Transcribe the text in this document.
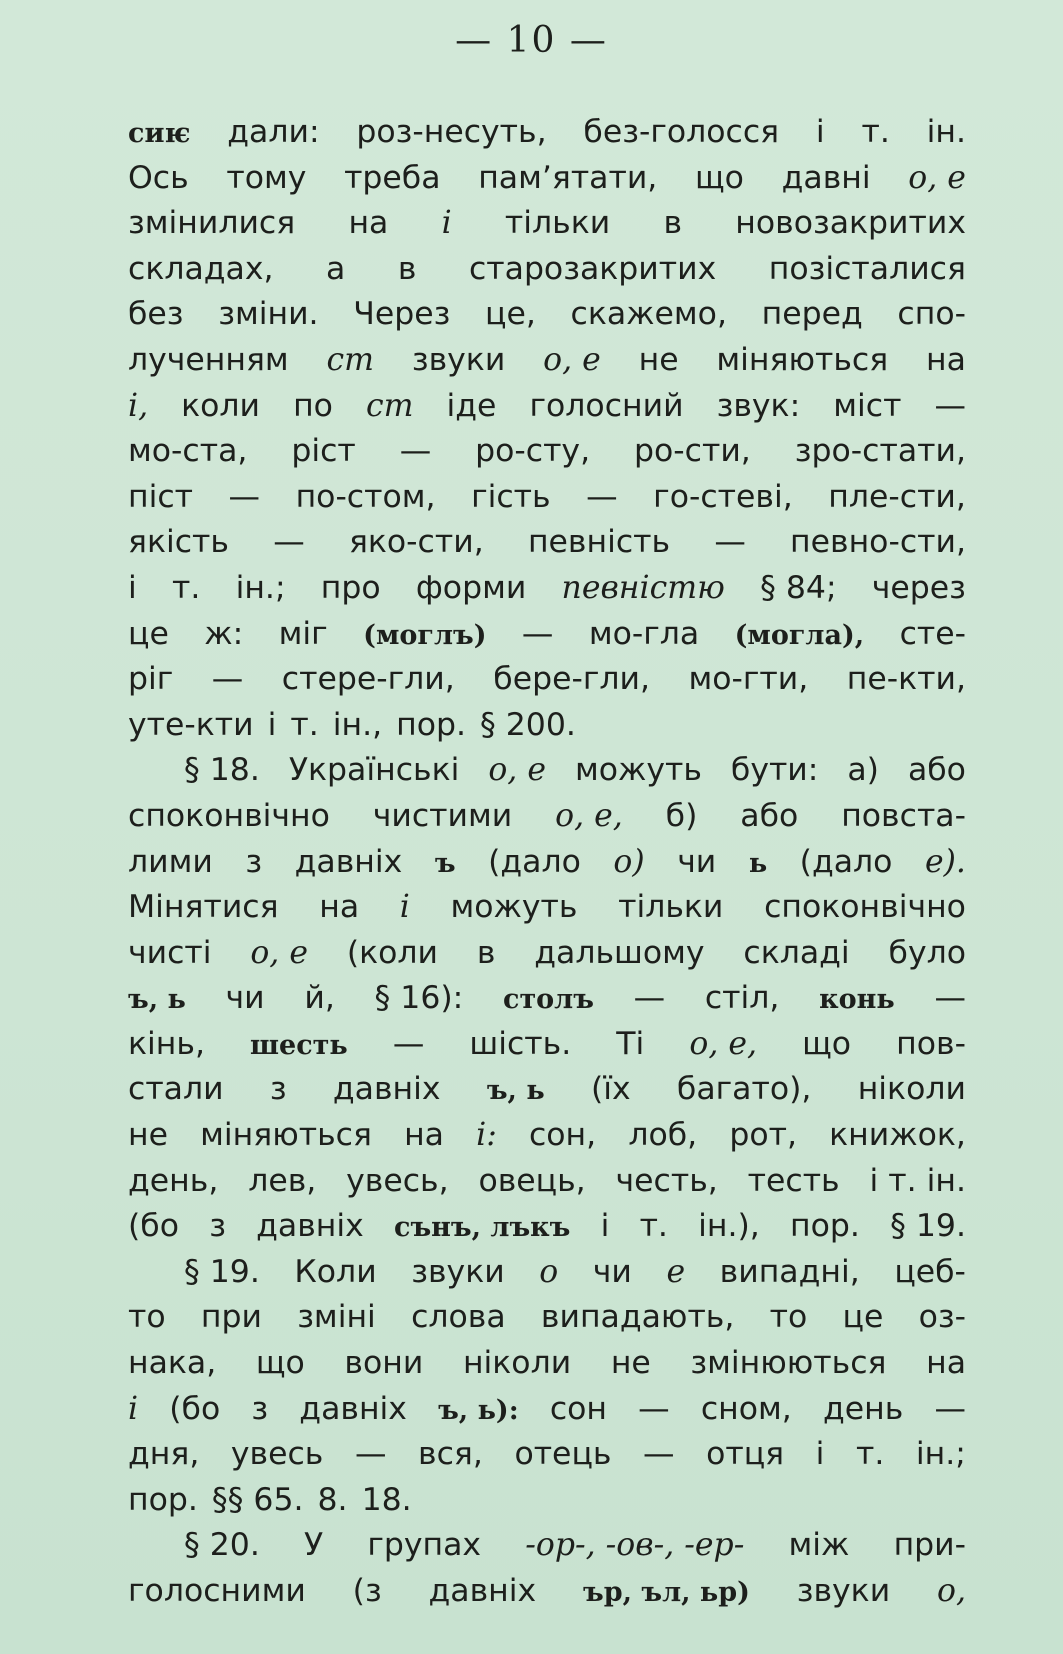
— 10 —
сиѥ дали: роз-несуть, без-голосся і т. ін.
Ось тому треба пам’ятати, що давні о, е
змінилися на і тільки в новозакритих
складах, а в старозакритих позісталися
без зміни. Через це, скажемо, перед спо-
лученням ст звуки о, е не міняються на
і, коли по ст іде голосний звук: міст —
мо-ста, ріст — ро-сту, ро-сти, зро-стати,
піст — по-стом, гість — го-стеві, пле-сти,
якість — яко-сти, певність — певно-сти,
і т. ін.; про форми певністю § 84; через
це ж: міг (моглъ) — мо-гла (могла), сте-
ріг — стере-гли, бере-гли, мо-гти, пе-кти,
уте-кти і т. ін., пор. § 200.
§ 18. Українські о, е можуть бути: а) або
споконвічно чистими о, е, б) або повста-
лими з давніх ъ (дало о) чи ь (дало е).
Мінятися на і можуть тільки споконвічно
чисті о, е (коли в дальшому складі було
ъ, ь чи й, § 16): столъ — стіл, конь —
кінь, шесть — шість. Ті о, е, що пов-
стали з давніх ъ, ь (їх багато), ніколи
не міняються на і: сон, лоб, рот, книжок,
день, лев, увесь, овець, честь, тесть і т. ін.
(бо з давніх сънъ, лъкъ і т. ін.), пор. § 19.
§ 19. Коли звуки о чи е випадні, цеб-
то при зміні слова випадають, то це оз-
нака, що вони ніколи не змінюються на
і (бо з давніх ъ, ь): сон — сном, день —
дня, увесь — вся, отець — отця і т. ін.;
пор. §§ 65. 8. 18.
§ 20. У групах -ор-, -ов-, -ер- між при-
голосними (з давніх ър, ъл, ьр) звуки о,
